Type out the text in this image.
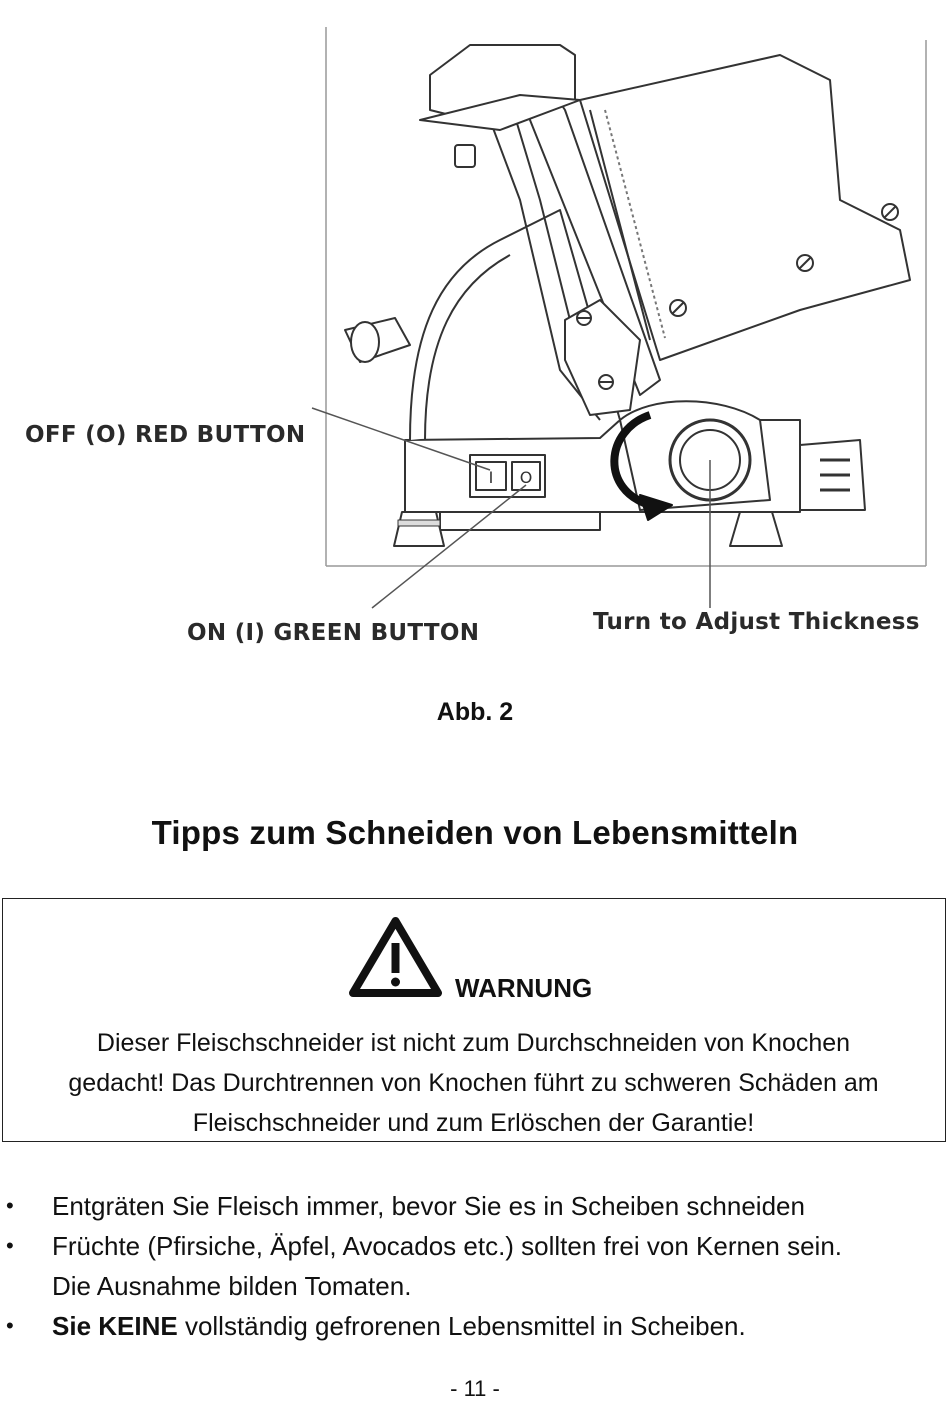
I O
OFF (O) RED BUTTON
ON (I) GREEN BUTTON	Turn to Adjust Thickness
Abb. 2
Tipps zum Schneiden von Lebensmitteln
WARNUNG
Dieser Fleischschneider ist nicht zum Durchschneiden von Knochen
gedacht! Das Durchtrennen von Knochen führt zu schweren Schäden am
Fleischschneider und zum Erlöschen der Garantie!
• Entgräten Sie Fleisch immer, bevor Sie es in Scheiben schneiden
• Früchte (Pfirsiche, Äpfel, Avocados etc.) sollten frei von Kernen sein.
Die Ausnahme bilden Tomaten.
• Sie KEINE vollständig gefrorenen Lebensmittel in Scheiben.
- 11 -
